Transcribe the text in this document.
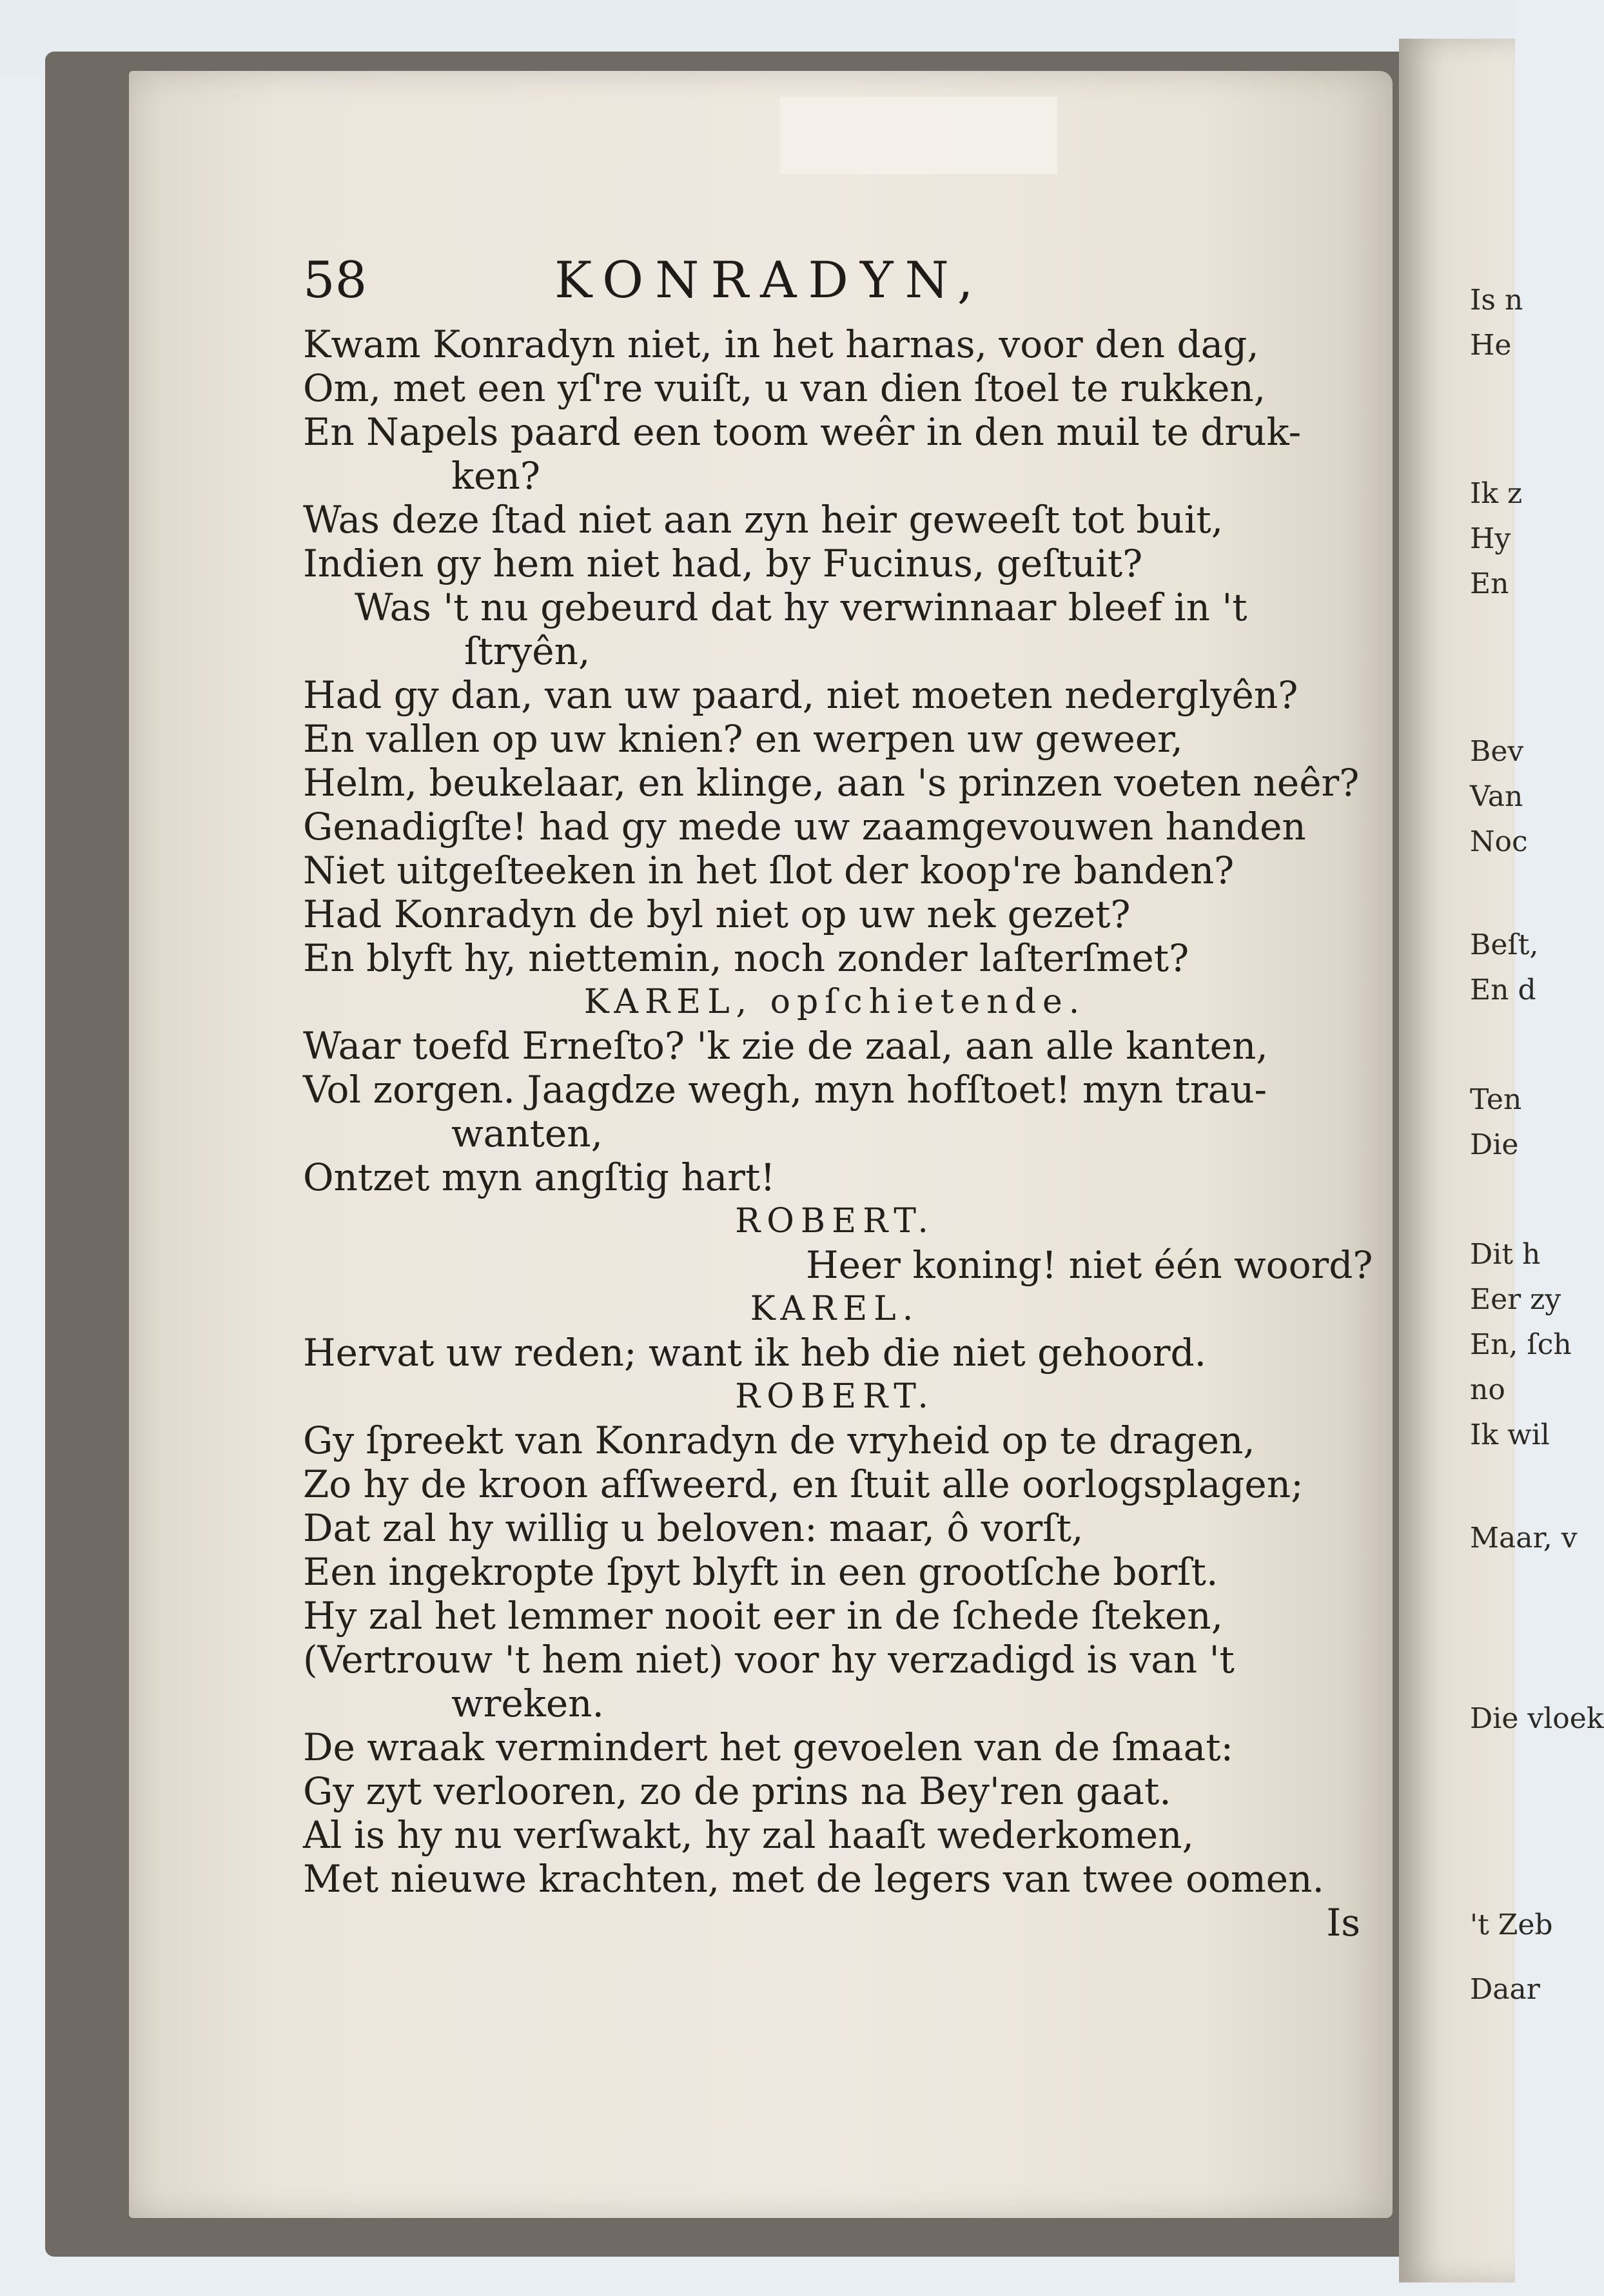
58	KONRADYN,
Kwam Konradyn niet, in het harnas, voor den dag,
Om, met een yſ're vuiſt, u van dien ſtoel te rukken,
En Napels paard een toom weêr in den muil te druk-
ken?
Was deze ſtad niet aan zyn heir geweeſt tot buit,
Indien gy hem niet had, by Fucinus, geſtuit?
Was 't nu gebeurd dat hy verwinnaar bleef in 't
ſtryên,
Had gy dan, van uw paard, niet moeten nederglyên?
En vallen op uw knien? en werpen uw geweer,
Helm, beukelaar, en klinge, aan 's prinzen voeten neêr?
Genadigſte! had gy mede uw zaamgevouwen handen
Niet uitgeſteeken in het ſlot der koop're banden?
Had Konradyn de byl niet op uw nek gezet?
En blyft hy, niettemin, noch zonder laſterſmet?
KAREL, opſchietende.
Waar toefd Erneſto? 'k zie de zaal, aan alle kanten,
Vol zorgen. Jaagdze wegh, myn hofſtoet! myn trau-
wanten,
Ontzet myn angſtig hart!
ROBERT.
Heer koning! niet één woord?
KAREL.
Hervat uw reden; want ik heb die niet gehoord.
ROBERT.
Gy ſpreekt van Konradyn de vryheid op te dragen,
Zo hy de kroon afſweerd, en ſtuit alle oorlogsplagen;
Dat zal hy willig u beloven: maar, ô vorſt,
Een ingekropte ſpyt blyft in een grootſche borſt.
Hy zal het lemmer nooit eer in de ſchede ſteken,
(Vertrouw 't hem niet) voor hy verzadigd is van 't
wreken.
De wraak vermindert het gevoelen van de ſmaat:
Gy zyt verlooren, zo de prins na Bey'ren gaat.
Al is hy nu verſwakt, hy zal haaſt wederkomen,
Met nieuwe krachten, met de legers van twee oomen.
Is
Is n
He
Ik z
Hy
En
Bev
Van
Noc
Beſt,
En d
Ten
Die
Dit h
Eer zy
En, ſch
no
Ik wil
Maar, v
Die vloek
't Zeb
Daar
